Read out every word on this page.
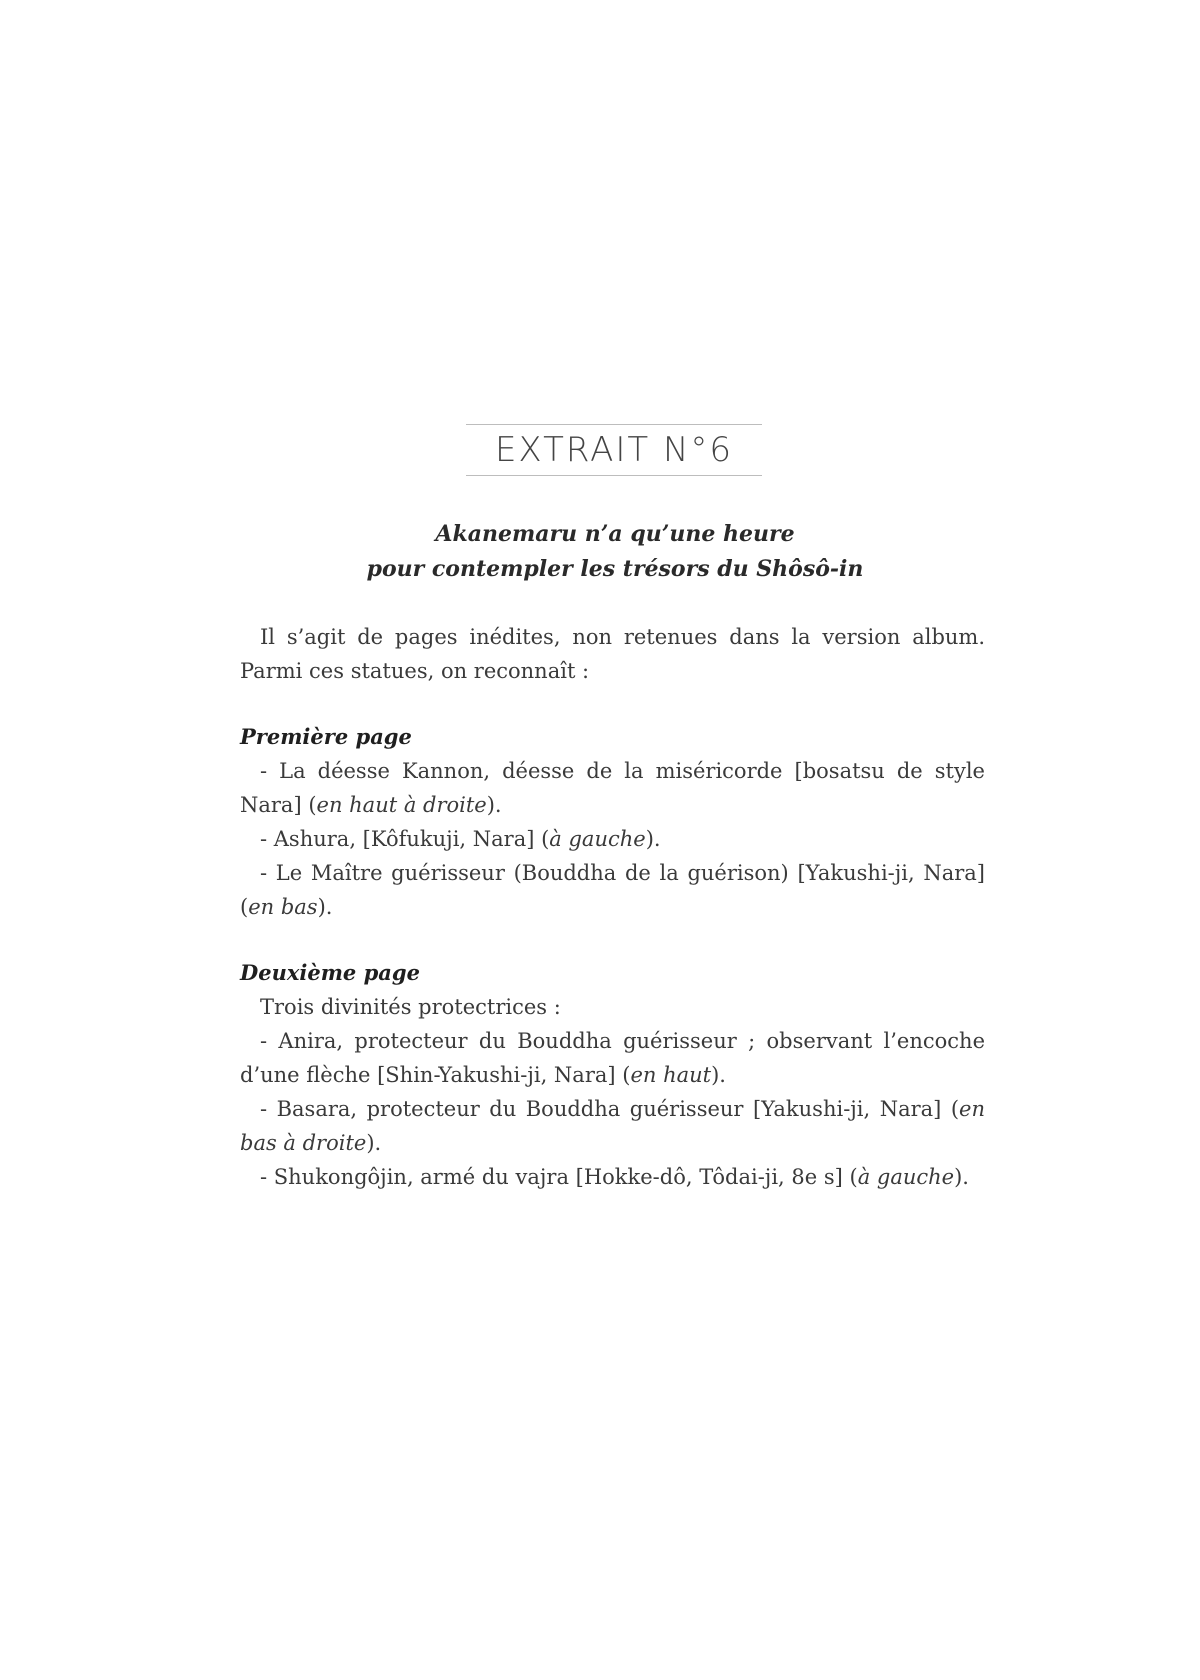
EXTRAIT N°6

Akanemaru n’a qu’une heure
pour contempler les trésors du Shôsô-in

Il s’agit de pages inédites, non retenues dans la version album. Parmi ces statues, on reconnaît :

Première page

- La déesse Kannon, déesse de la miséricorde [bosatsu de style Nara] (en haut à droite).

- Ashura, [Kôfukuji, Nara] (à gauche).

- Le Maître guérisseur (Bouddha de la guérison) [Yakushi-ji, Nara] (en bas).

Deuxième page

Trois divinités protectrices :

- Anira, protecteur du Bouddha guérisseur ; observant l’encoche d’une flèche [Shin-Yakushi-ji, Nara] (en haut).

- Basara, protecteur du Bouddha guérisseur [Yakushi-ji, Nara] (en bas à droite).

- Shukongôjin, armé du vajra [Hokke-dô, Tôdai-ji, 8e s] (à gauche).
